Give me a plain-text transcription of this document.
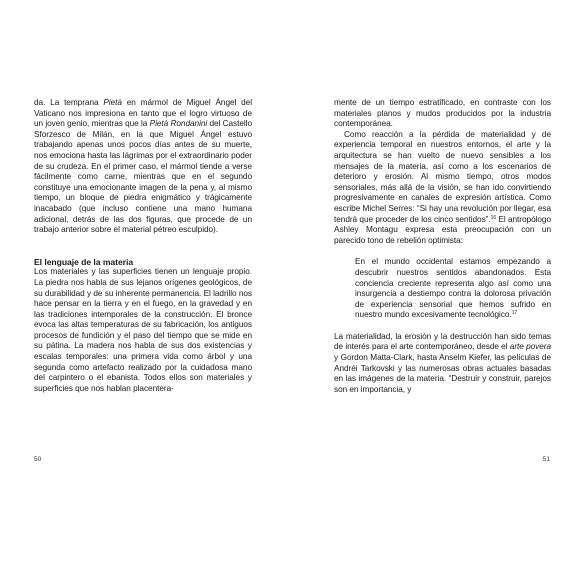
da. La temprana Pietà en mármol de Miguel Ángel del Vaticano nos impresiona en tanto que el logro virtuoso de un joven genio, mientras que la Pietà Rondanini del Castello Sforzesco de Milán, en la que Miguel Ángel estuvo trabajando apenas unos pocos días antes de su muerte, nos emociona hasta las lágrimas por el extraordinario poder de su crudeza. En el primer caso, el mármol tiende a verse fácilmente como carne, mientras que en el segundo constituye una emocionante imagen de la pena y, al mismo tiempo, un bloque de piedra enigmático y trágicamente inacabado (que incluso contiene una mano humana adicional, detrás de las dos figuras, que procede de un trabajo anterior sobre el material pétreo esculpido).

El lenguaje de la materia

Los materiales y las superficies tienen un lenguaje propio. La piedra nos habla de sus lejanos orígenes geológicos, de su durabilidad y de su inherente permanencia. El ladrillo nos hace pensar en la tierra y en el fuego, en la gravedad y en las tradiciones intemporales de la construcción. El bronce evoca las altas temperaturas de su fabricación, los antiguos procesos de fundición y el paso del tiempo que se mide en su pátina. La madera nos habla de sus dos existencias y escalas temporales: una primera vida como árbol y una segunda como artefacto realizado por la cuidadosa mano del carpintero o el ebanista. Todos ellos son materiales y superficies que nos hablan placentera-

50

mente de un tiempo estratificado, en contraste con los materiales planos y mudos producidos por la industria contemporánea.

Como reacción a la pérdida de materialidad y de experiencia temporal en nuestros entornos, el arte y la arquitectura se han vuelto de nuevo sensibles a los mensajes de la materia, así como a los escenarios de deterioro y erosión. Al mismo tiempo, otros modos sensoriales, más allá de la visión, se han ido convirtiendo progresivamente en canales de expresión artística. Como escribe Michel Serres: “Si hay una revolución por llegar, esa tendrá que proceder de los cinco sentidos”.$^{16}$ El antropólogo Ashley Montagu expresa esta preocupación con un parecido tono de rebelión optimista:

En el mundo occidental estamos empezando a descubrir nuestros sentidos abandonados. Esta conciencia creciente representa algo así como una insurgencia a destiempo contra la dolorosa privación de experiencia sensorial que hemos sufrido en nuestro mundo excesivamente tecnológico.$^{17}$

La materialidad, la erosión y la destrucción han sido temas de interés para el arte contemporáneo, desde el arte povera y Gordon Matta-Clark, hasta Anselm Kiefer, las películas de Andréi Tarkovski y las numerosas obras actuales basadas en las imágenes de la materia. “Destruir y construir, parejos son en importancia, y

51
